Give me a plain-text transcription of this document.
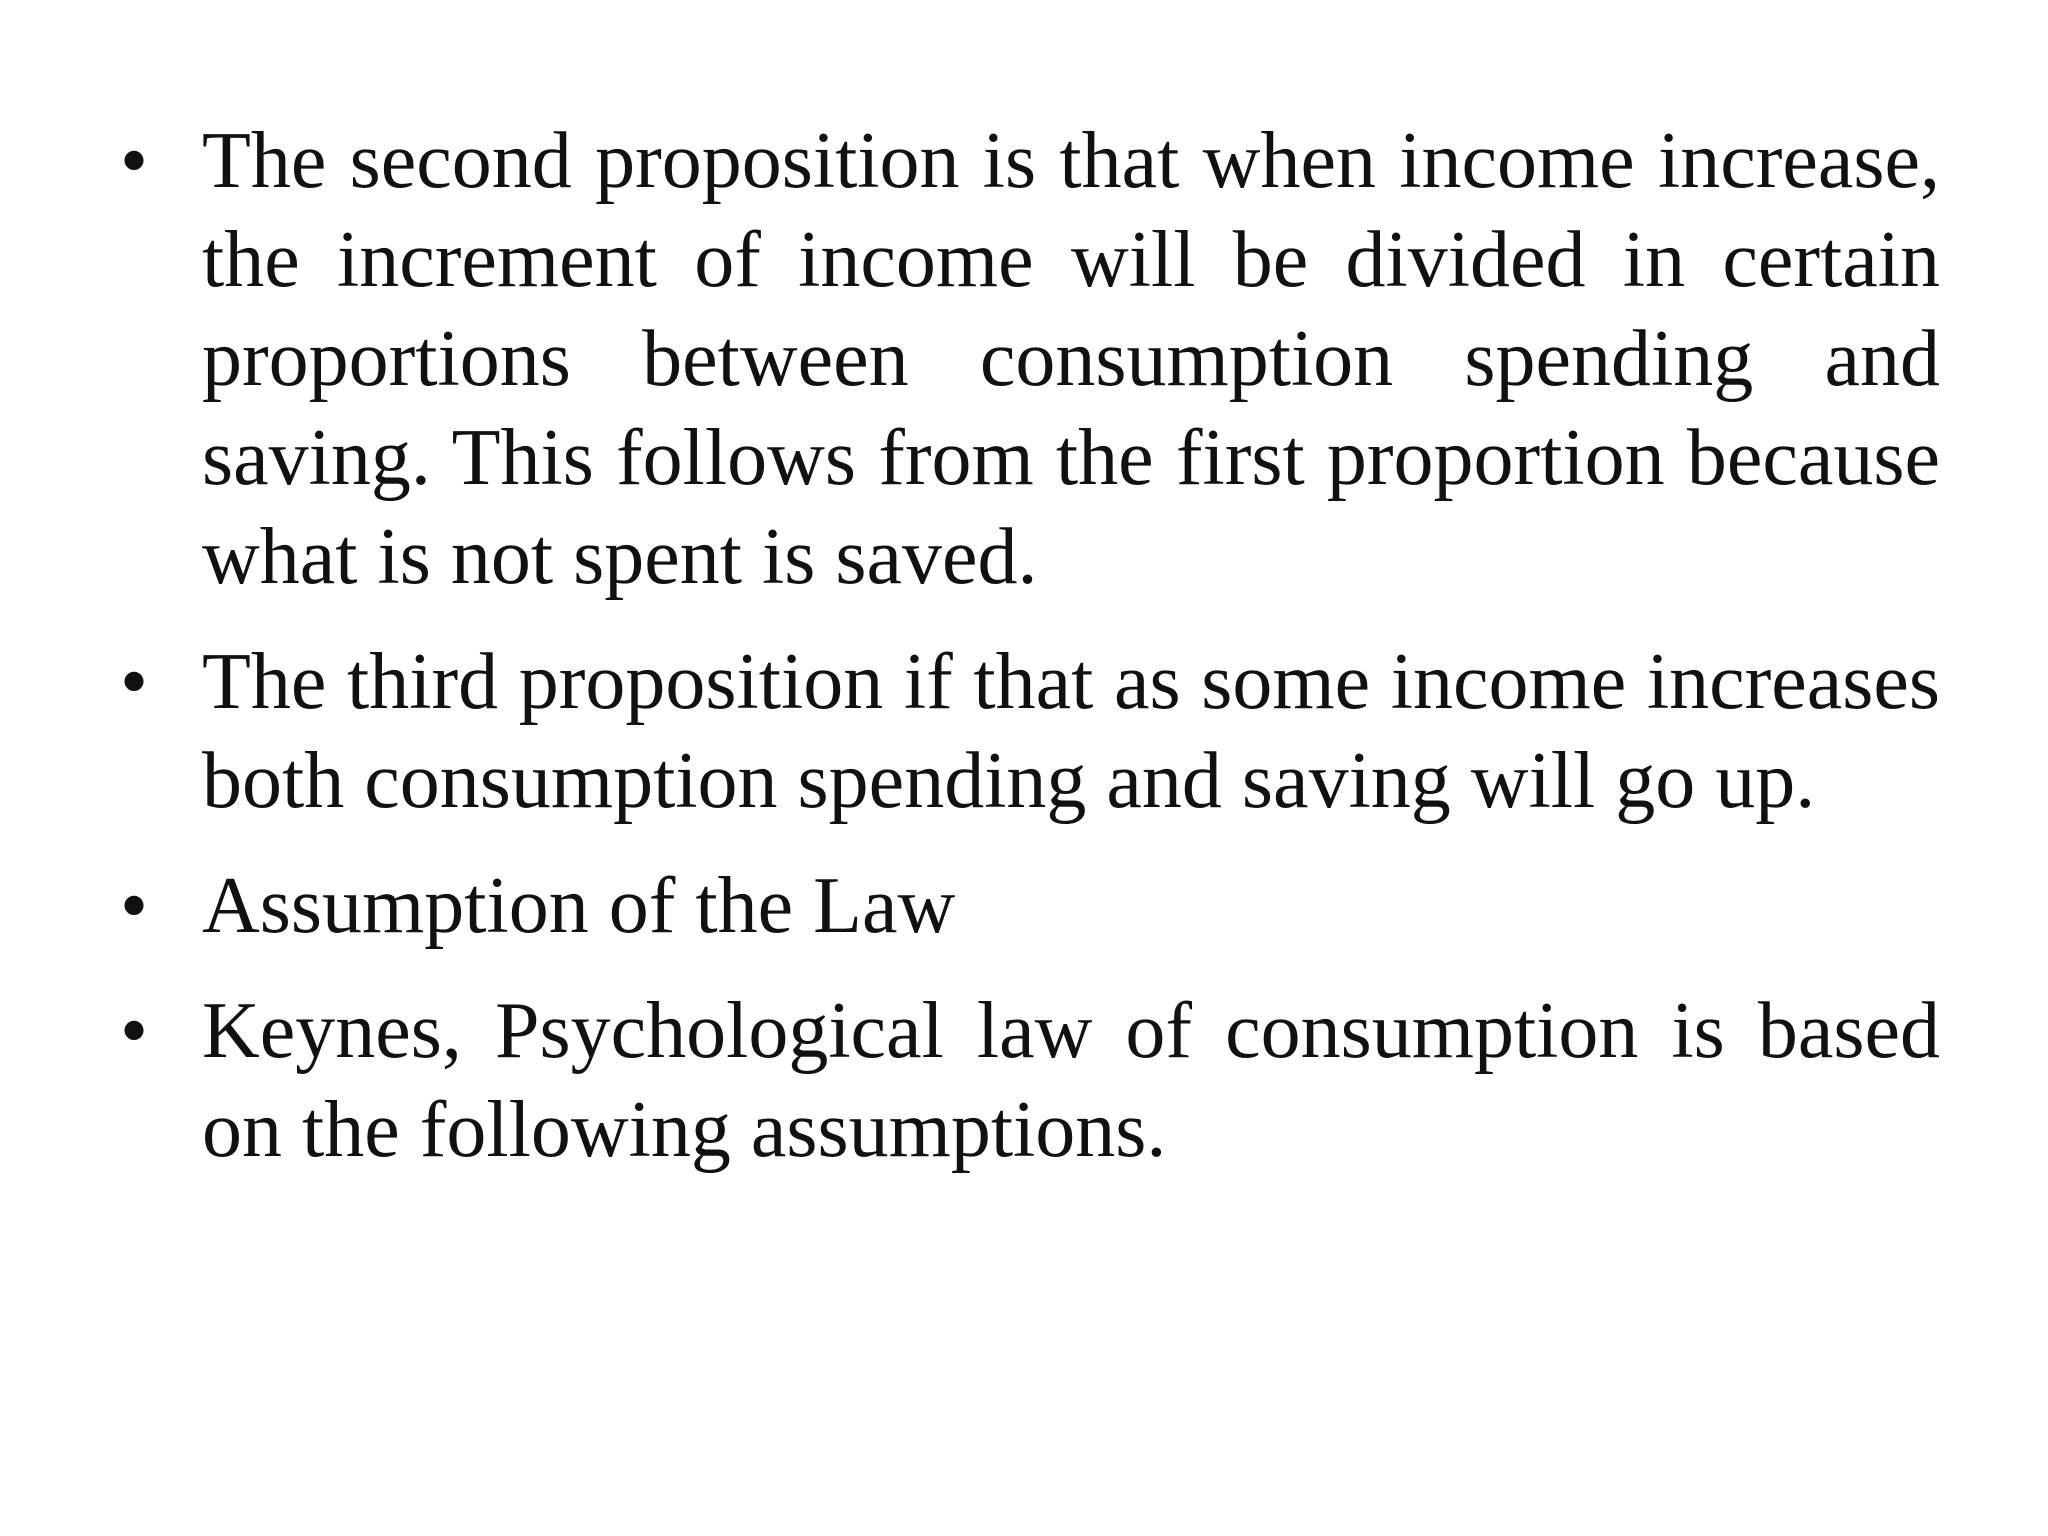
• The second proposition is that when income increase, the increment of income will be divided in certain proportions between consumption spending and saving. This follows from the first proportion because what is not spent is saved.
• The third proposition if that as some income increases both consumption spending and saving will go up.
• Assumption of the Law
• Keynes, Psychological law of consumption is based on the following assumptions.
